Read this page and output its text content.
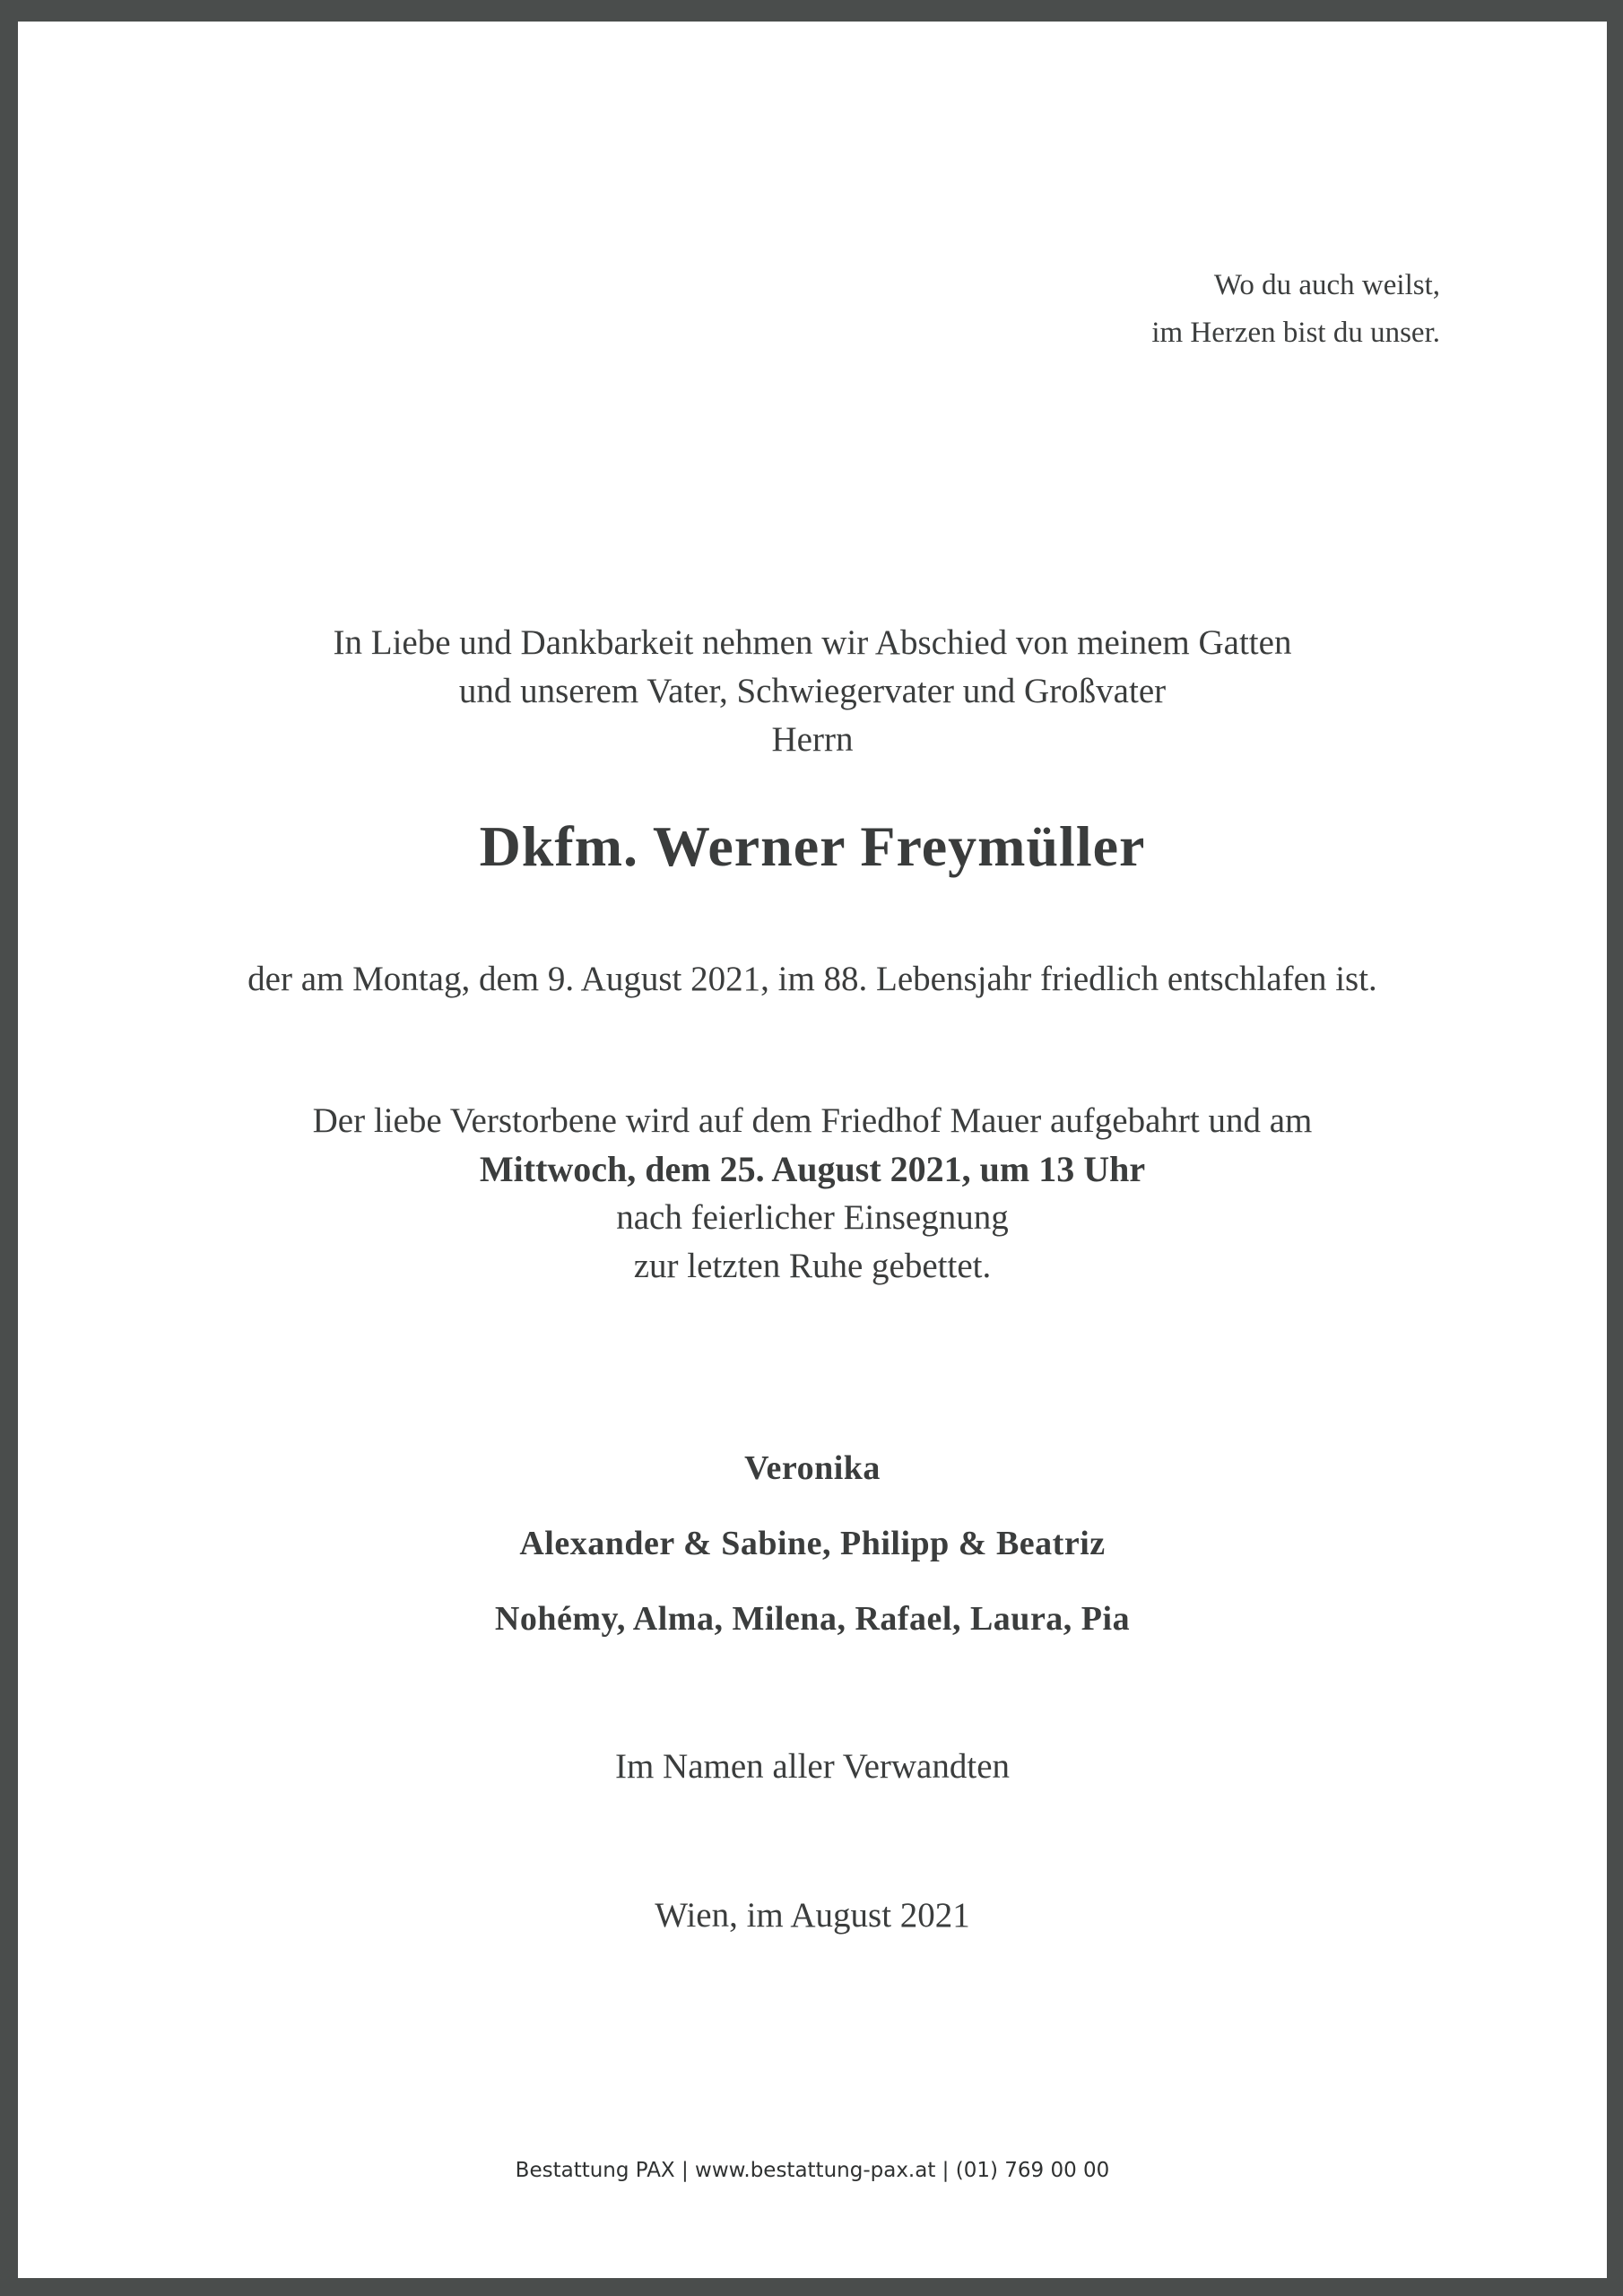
Wo du auch weilst,
im Herzen bist du unser.

In Liebe und Dankbarkeit nehmen wir Abschied von meinem Gatten

und unserem Vater, Schwiegervater und Großvater

Herrn

Dkfm. Werner Freymüller

der am Montag, dem 9. August 2021, im 88. Lebensjahr friedlich entschlafen ist.

Der liebe Verstorbene wird auf dem Friedhof Mauer aufgebahrt und am

Mittwoch, dem 25. August 2021, um 13 Uhr

nach feierlicher Einsegnung

zur letzten Ruhe gebettet.

Veronika

Alexander & Sabine, Philipp & Beatriz

Nohémy, Alma, Milena, Rafael, Laura, Pia

Im Namen aller Verwandten

Wien, im August 2021

Bestattung PAX | www.bestattung-pax.at | (01) 769 00 00
